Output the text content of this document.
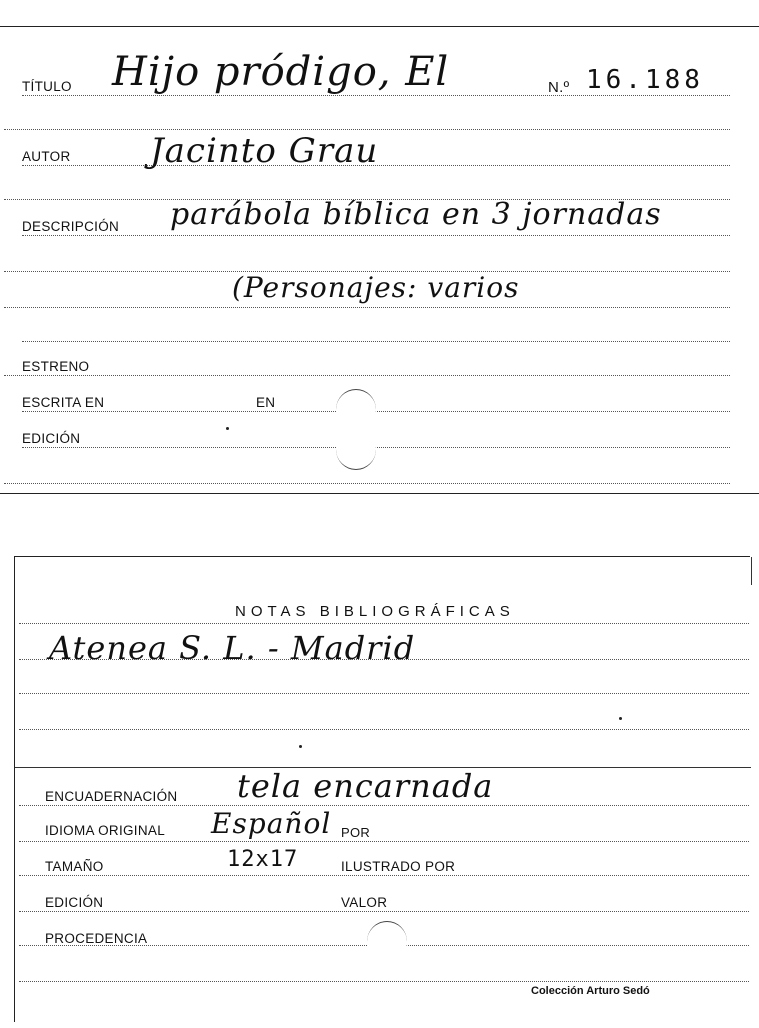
TÍTULO Hijo pródigo, El	N.º 16.188
AUTOR Jacinto Grau
DESCRIPCIÓN parábola bíblica en 3 jornadas
(Personajes: varios
ESTRENO
ESCRITA EN	EN
EDICIÓN
NOTAS BIBLIOGRÁFICAS
Atenea S. L. - Madrid
ENCUADERNACIÓN tela encarnada
IDIOMA ORIGINAL Español POR
TAMAÑO	12x17	ILUSTRADO POR
EDICIÓN	VALOR
PROCEDENCIA
Colección Arturo Sedó
